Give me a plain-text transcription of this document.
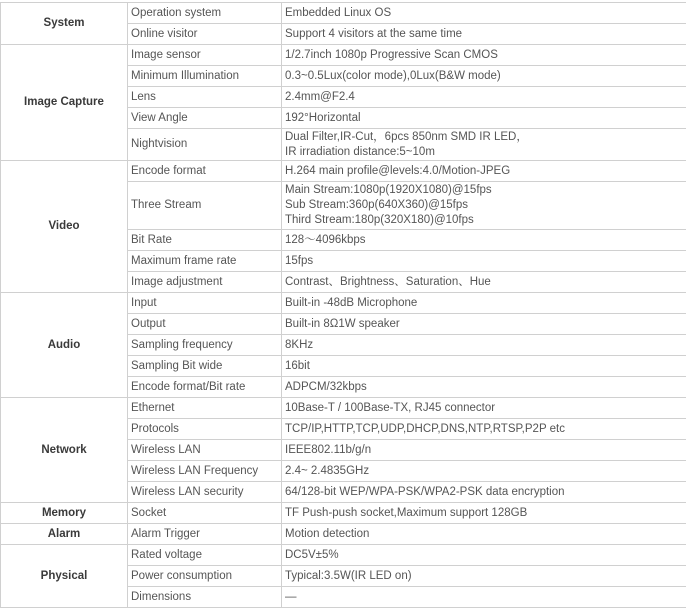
System	Operation system	Embedded Linux OS

	Online visitor	Support 4 visitors at the same time

Image Capture	Image sensor	1/2.7inch 1080p Progressive Scan CMOS

	Minimum Illumination	0.3~0.5Lux(color mode),0Lux(B&W mode)

	Lens	2.4mm@F2.4

	View Angle	192°Horizontal

	Nightvision	Dual Filter,IR-Cut，6pcs 850nm SMD IR LED，
IR irradiation distance:5~10m

Video	Encode format	H.264 main profile@levels:4.0/Motion-JPEG

	Three Stream	Main Stream:1080p(1920X1080)@15fps
Sub Stream:360p(640X360)@15fps
Third Stream:180p(320X180)@10fps

	Bit Rate	128～4096kbps

	Maximum frame rate	15fps

	Image adjustment	Contrast、Brightness、Saturation、Hue

Audio	Input	Built-in -48dB Microphone

	Output	Built-in 8Ω1W speaker

	Sampling frequency	8KHz

	Sampling Bit wide	16bit

	Encode format/Bit rate	ADPCM/32kbps

Network	Ethernet	10Base-T / 100Base-TX, RJ45 connector

	Protocols	TCP/IP,HTTP,TCP,UDP,DHCP,DNS,NTP,RTSP,P2P etc

	Wireless LAN	IEEE802.11b/g/n

	Wireless LAN Frequency	2.4~ 2.4835GHz

	Wireless LAN security	64/128-bit WEP/WPA-PSK/WPA2-PSK data encryption

Memory	Socket	TF Push-push socket,Maximum support 128GB

Alarm	Alarm Trigger	Motion detection

Physical	Rated voltage	DC5V±5%

	Power consumption	Typical:3.5W(IR LED on)

	Dimensions	—
